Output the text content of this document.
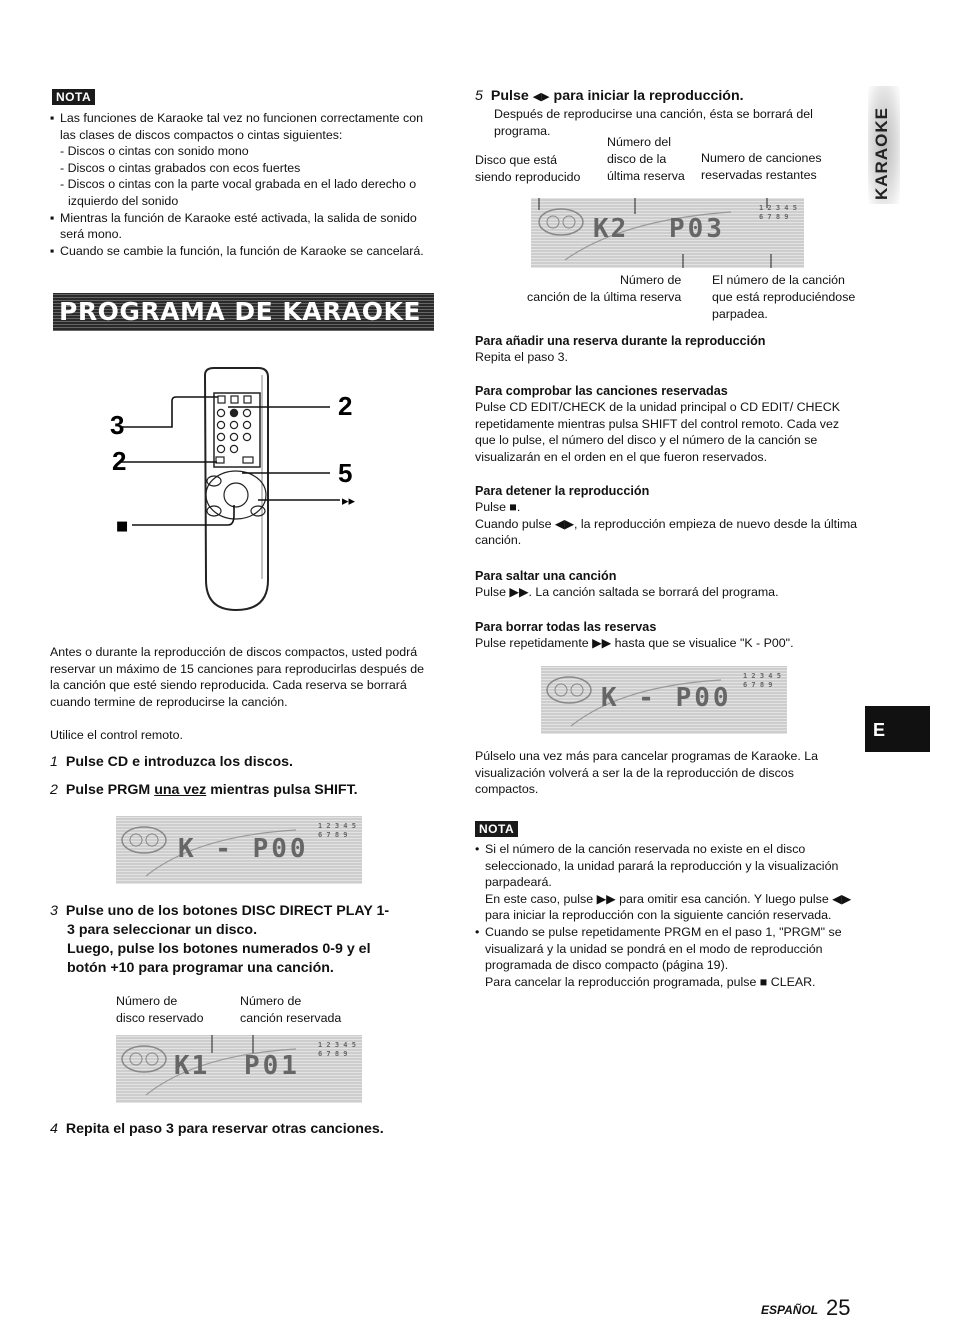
NOTA
▪ Las funciones de Karaoke tal vez no funcionen correctamente con las clases de discos compactos o cintas siguientes:
- Discos o cintas con sonido mono
- Discos o cintas grabados con ecos fuertes
- Discos o cintas con la parte vocal grabada en el lado derecho o izquierdo del sonido
▪ Mientras la función de Karaoke esté activada, la salida de sonido será mono.
▪ Cuando se cambie la función, la función de Karaoke se cancelará.
PROGRAMA DE KARAOKE
3
2
2
5
▸▸
■
Antes o durante la reproducción de discos compactos, usted podrá reservar un máximo de 15 canciones para reproducirlas después de la canción que esté siendo reproducida. Cada reserva se borrará cuando termine de reproducirse la canción.
Utilice el control remoto.
1 Pulse CD e introduzca los discos.
2 Pulse PRGM una vez mientras pulsa SHIFT.
K - P00
1 2 3 4 5
6 7 8 9
3 Pulse uno de los botones DISC DIRECT PLAY 1-
3 para seleccionar un disco.
Luego, pulse los botones numerados 0-9 y el
botón +10 para programar una canción.
Número de
disco reservado
Número de
canción reservada
K1 P01
1 2 3 4 5
6 7 8 9
4 Repita el paso 3 para reservar otras canciones.
5 Pulse ◀▶ para iniciar la reproducción.
Después de reproducirse una canción, ésta se borrará del programa.
Número del
disco de la
última reserva
Disco que está
siendo reproducido
Numero de canciones
reservadas restantes
K2 P03
1 2 3 4 5
6 7 8 9
Número de
canción de la última reserva
El número de la canción
que está reproduciéndose
parpadea.
Para añadir una reserva durante la reproducción
Repita el paso 3.
Para comprobar las canciones reservadas
Pulse CD EDIT/CHECK de la unidad principal o CD EDIT/ CHECK repetidamente mientras pulsa SHIFT del control remoto. Cada vez que lo pulse, el número del disco y el número de la canción se visualizarán en el orden en el que fueron reservados.
Para detener la reproducción
Pulse ■.
Cuando pulse ◀▶, la reproducción empieza de nuevo desde la última canción.
Para saltar una canción
Pulse ▶▶. La canción saltada se borrará del programa.
Para borrar todas las reservas
Pulse repetidamente ▶▶ hasta que se visualice "K - P00".
K - P00
1 2 3 4 5
6 7 8 9
Púlselo una vez más para cancelar programas de Karaoke. La visualización volverá a ser la de la reproducción de discos compactos.
NOTA
• Si el número de la canción reservada no existe en el disco seleccionado, la unidad parará la reproducción y la visualización parpadeará.
En este caso, pulse ▶▶ para omitir esa canción. Y luego pulse ◀▶ para iniciar la reproducción con la siguiente canción reservada.
• Cuando se pulse repetidamente PRGM en el paso 1, "PRGM" se visualizará y la unidad se pondrá en el modo de reproducción programada de disco compacto (página 19).
Para cancelar la reproducción programada, pulse ■ CLEAR.
KARAOKE
E
ESPAÑOL 25
